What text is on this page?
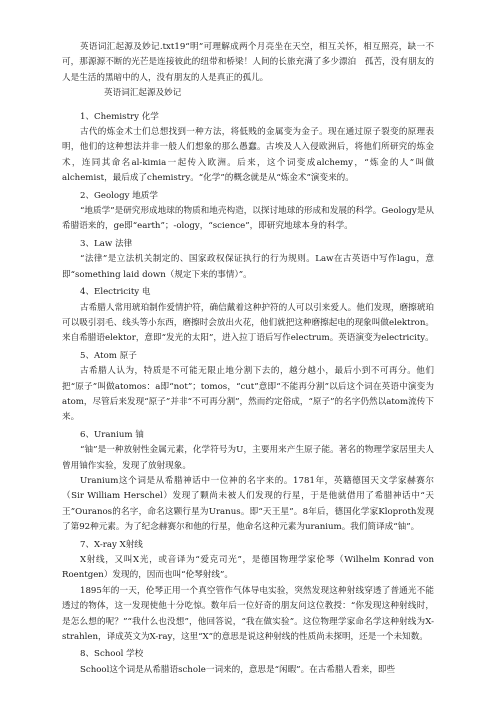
英语词汇起源及妙记.txt19“明”可理解成两个月亮坐在天空，相互关怀，相互照亮，缺一不可，那源源不断的光芒是连接彼此的纽带和桥梁！人间的长旅充满了多少漂泊　孤苦，没有朋友的人是生活的黑暗中的人，没有朋友的人是真正的孤儿。

英语词汇起源及妙记

1、Chemistry 化学

古代的炼金术士们总想找到一种方法，将低贱的金属变为金子。现在通过原子裂变的原理表明，他们的这种想法并非一般人们想象的那么愚蠢。古埃及人入侵欧洲后，将他们所研究的炼金术，连同其命名al-kimia一起传入欧洲。后来，这个词变成alchemy，“炼金的人”叫做alchemist，最后成了chemistry。“化学”的概念就是从“炼金术”演变来的。

2、Geology 地质学

“地质学”是研究形成地球的物质和地壳构造，以探讨地球的形成和发展的科学。Geology是从希腊语来的，ge即“earth”；-ology，“science”，即研究地球本身的科学。

3、Law 法律

“法律”是立法机关制定的、国家政权保证执行的行为规则。Law在古英语中写作lagu，意即“something laid down（规定下来的事情）”。

4、Electricity 电

古希腊人常用琥珀制作爱情护符，确信戴着这种护符的人可以引来爱人。他们发现，磨擦琥珀可以吸引羽毛、线头等小东西，磨擦时会放出火花，他们就把这种磨擦起电的现象叫做elektron。来自希腊语elektor，意即“发光的太阳”，进入拉丁语后写作electrum。英语演变为electricity。

5、Atom 原子

古希腊人认为，特质是不可能无限止地分割下去的，越分越小，最后小到不可再分。他们把“原子”叫做atomos：a即“not”；tomos，“cut”意即“不能再分割”以后这个词在英语中演变为atom，尽管后来发现“原子”并非“不可再分割”，然而约定俗成，“原子”的名字仍然以atom流传下来。

6、Uranium 铀

“铀”是一种放射性金属元素，化学符号为U，主要用来产生原子能。著名的物理学家居里夫人曾用铀作实验，发现了放射现象。

Uranium这个词是从希腊神话中一位神的名字来的。1781年，英籍德国天文学家赫赛尔（Sir William Herschel）发现了颗尚未被人们发现的行星，于是他就借用了希腊神话中“天王”Ouranos的名字，命名这颗行星为Uranus。即“天王星”。8年后，德国化学家Kloproth发现了第92种元素。为了纪念赫赛尔和他的行星，他命名这种元素为uranium。我们简译成“铀”。

7、X-ray X射线

X射线，又叫X光，或音译为“爱克司光”，是德国物理学家伦琴（Wilhelm Konrad von Roentgen）发现的，因而也叫“伦琴射线”。

1895年的一天，伦琴正用一个真空管作气体导电实验，突然发现这种射线穿透了普通光不能透过的物体，这一发现使他十分吃惊。数年后一位好奇的朋友问这位教授：“你发现这种射线时，是怎么想的呢？”“我什么也没想”，他回答说，“我在做实验”。这位物理学家命名学这种射线为X-strahlen，译成英文为X-ray，这里“X”的意思是说这种射线的性质尚未探明，还是一个未知数。

8、School 学校

School这个词是从希腊语schole一词来的，意思是“闲暇”。在古希腊人看来，即些
